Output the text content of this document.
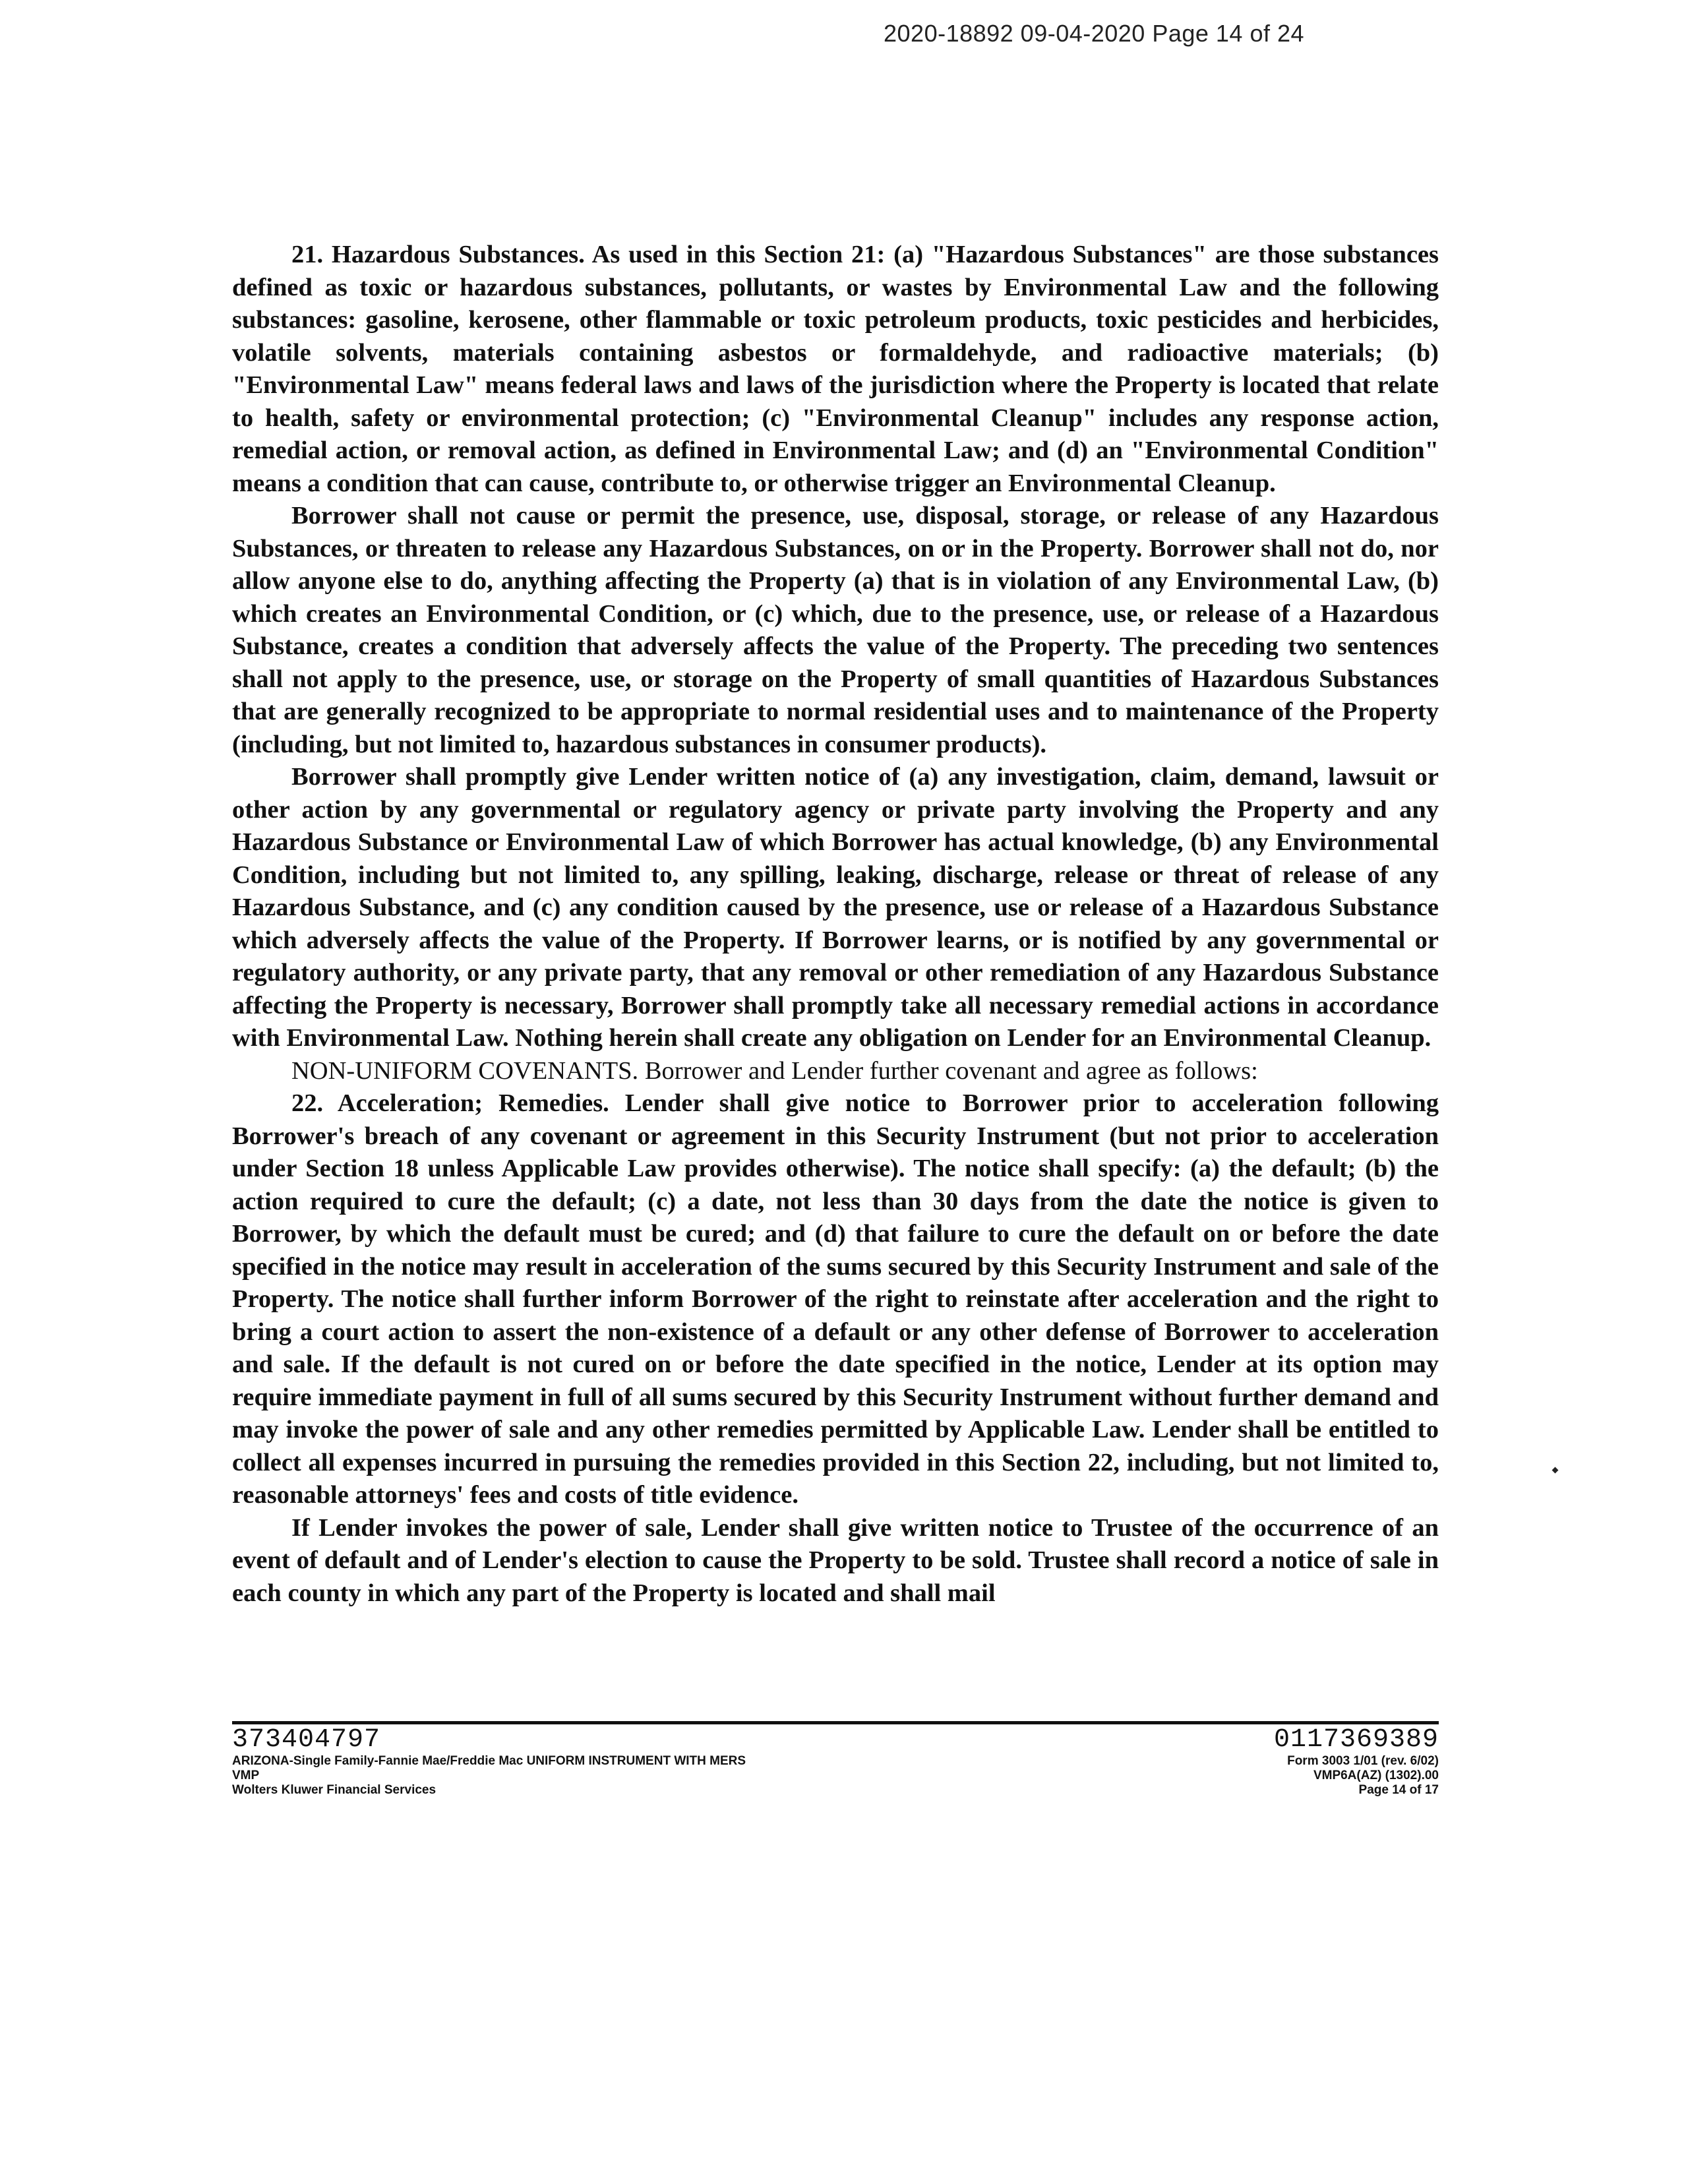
2020-18892 09-04-2020 Page 14 of 24

21. Hazardous Substances. As used in this Section 21: (a) "Hazardous Substances" are those substances defined as toxic or hazardous substances, pollutants, or wastes by Environmental Law and the following substances: gasoline, kerosene, other flammable or toxic petroleum products, toxic pesticides and herbicides, volatile solvents, materials containing asbestos or formaldehyde, and radioactive materials; (b) "Environmental Law" means federal laws and laws of the jurisdiction where the Property is located that relate to health, safety or environmental protection; (c) "Environmental Cleanup" includes any response action, remedial action, or removal action, as defined in Environmental Law; and (d) an "Environmental Condition" means a condition that can cause, contribute to, or otherwise trigger an Environmental Cleanup.

Borrower shall not cause or permit the presence, use, disposal, storage, or release of any Hazardous Substances, or threaten to release any Hazardous Substances, on or in the Property. Borrower shall not do, nor allow anyone else to do, anything affecting the Property (a) that is in violation of any Environmental Law, (b) which creates an Environmental Condition, or (c) which, due to the presence, use, or release of a Hazardous Substance, creates a condition that adversely affects the value of the Property. The preceding two sentences shall not apply to the presence, use, or storage on the Property of small quantities of Hazardous Substances that are generally recognized to be appropriate to normal residential uses and to maintenance of the Property (including, but not limited to, hazardous substances in consumer products).

Borrower shall promptly give Lender written notice of (a) any investigation, claim, demand, lawsuit or other action by any governmental or regulatory agency or private party involving the Property and any Hazardous Substance or Environmental Law of which Borrower has actual knowledge, (b) any Environmental Condition, including but not limited to, any spilling, leaking, discharge, release or threat of release of any Hazardous Substance, and (c) any condition caused by the presence, use or release of a Hazardous Substance which adversely affects the value of the Property. If Borrower learns, or is notified by any governmental or regulatory authority, or any private party, that any removal or other remediation of any Hazardous Substance affecting the Property is necessary, Borrower shall promptly take all necessary remedial actions in accordance with Environmental Law. Nothing herein shall create any obligation on Lender for an Environmental Cleanup.

NON-UNIFORM COVENANTS. Borrower and Lender further covenant and agree as follows:

22. Acceleration; Remedies. Lender shall give notice to Borrower prior to acceleration following Borrower's breach of any covenant or agreement in this Security Instrument (but not prior to acceleration under Section 18 unless Applicable Law provides otherwise). The notice shall specify: (a) the default; (b) the action required to cure the default; (c) a date, not less than 30 days from the date the notice is given to Borrower, by which the default must be cured; and (d) that failure to cure the default on or before the date specified in the notice may result in acceleration of the sums secured by this Security Instrument and sale of the Property. The notice shall further inform Borrower of the right to reinstate after acceleration and the right to bring a court action to assert the non-existence of a default or any other defense of Borrower to acceleration and sale. If the default is not cured on or before the date specified in the notice, Lender at its option may require immediate payment in full of all sums secured by this Security Instrument without further demand and may invoke the power of sale and any other remedies permitted by Applicable Law. Lender shall be entitled to collect all expenses incurred in pursuing the remedies provided in this Section 22, including, but not limited to, reasonable attorneys' fees and costs of title evidence.

If Lender invokes the power of sale, Lender shall give written notice to Trustee of the occurrence of an event of default and of Lender's election to cause the Property to be sold. Trustee shall record a notice of sale in each county in which any part of the Property is located and shall mail

373404797
ARIZONA-Single Family-Fannie Mae/Freddie Mac UNIFORM INSTRUMENT WITH MERS
VMP
Wolters Kluwer Financial Services
0117369389
Form 3003 1/01 (rev. 6/02)
VMP6A(AZ) (1302).00
Page 14 of 17
